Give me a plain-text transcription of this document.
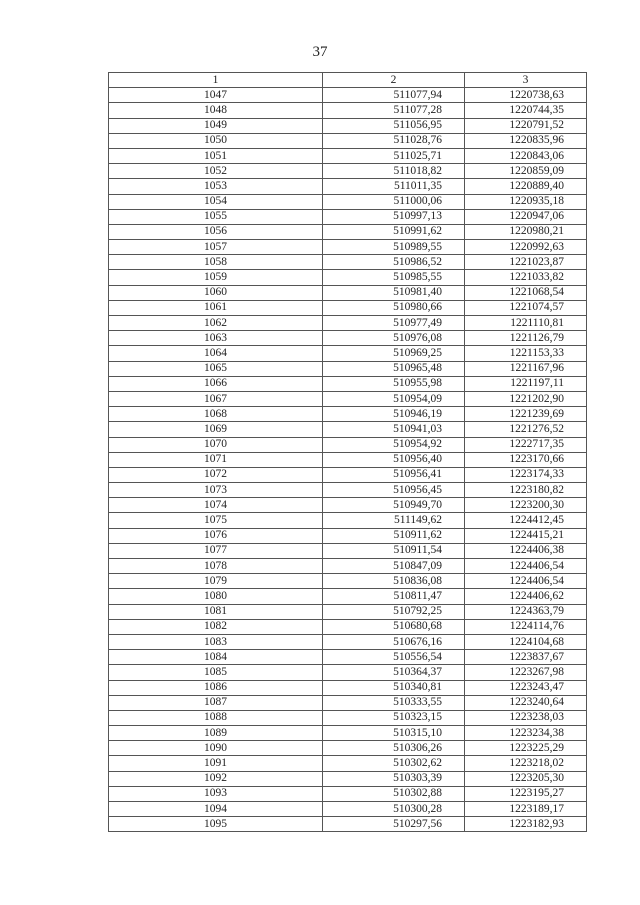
37
1	2	3
1047	511077,94	1220738,63
1048	511077,28	1220744,35
1049	511056,95	1220791,52
1050	511028,76	1220835,96
1051	511025,71	1220843,06
1052	511018,82	1220859,09
1053	511011,35	1220889,40
1054	511000,06	1220935,18
1055	510997,13	1220947,06
1056	510991,62	1220980,21
1057	510989,55	1220992,63
1058	510986,52	1221023,87
1059	510985,55	1221033,82
1060	510981,40	1221068,54
1061	510980,66	1221074,57
1062	510977,49	1221110,81
1063	510976,08	1221126,79
1064	510969,25	1221153,33
1065	510965,48	1221167,96
1066	510955,98	1221197,11
1067	510954,09	1221202,90
1068	510946,19	1221239,69
1069	510941,03	1221276,52
1070	510954,92	1222717,35
1071	510956,40	1223170,66
1072	510956,41	1223174,33
1073	510956,45	1223180,82
1074	510949,70	1223200,30
1075	511149,62	1224412,45
1076	510911,62	1224415,21
1077	510911,54	1224406,38
1078	510847,09	1224406,54
1079	510836,08	1224406,54
1080	510811,47	1224406,62
1081	510792,25	1224363,79
1082	510680,68	1224114,76
1083	510676,16	1224104,68
1084	510556,54	1223837,67
1085	510364,37	1223267,98
1086	510340,81	1223243,47
1087	510333,55	1223240,64
1088	510323,15	1223238,03
1089	510315,10	1223234,38
1090	510306,26	1223225,29
1091	510302,62	1223218,02
1092	510303,39	1223205,30
1093	510302,88	1223195,27
1094	510300,28	1223189,17
1095	510297,56	1223182,93
